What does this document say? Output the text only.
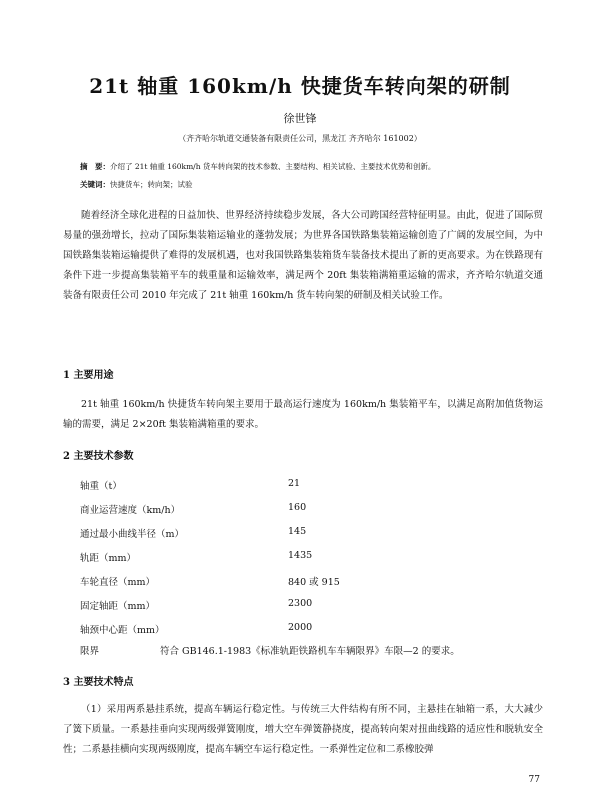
21t 轴重 160km/h 快捷货车转向架的研制
徐世锋
（齐齐哈尔轨道交通装备有限责任公司，黑龙江 齐齐哈尔 161002）
摘　要：介绍了 21t 轴重 160km/h 货车转向架的技术参数、主要结构、相关试验、主要技术优势和创新。
关键词：快捷货车；转向架；试验
随着经济全球化进程的日益加快、世界经济持续稳步发展，各大公司跨国经营特征明显。由此，促进了国际贸易量的强劲增长，拉动了国际集装箱运输业的蓬勃发展；为世界各国铁路集装箱运输创造了广阔的发展空间，为中国铁路集装箱运输提供了难得的发展机遇，也对我国铁路集装箱货车装备技术提出了新的更高要求。为在铁路现有条件下进一步提高集装箱平车的载重量和运输效率，满足两个 20ft 集装箱满箱重运输的需求，齐齐哈尔轨道交通装备有限责任公司 2010 年完成了 21t 轴重 160km/h 货车转向架的研制及相关试验工作。
1 主要用途
21t 轴重 160km/h 快捷货车转向架主要用于最高运行速度为 160km/h 集装箱平车，以满足高附加值货物运输的需要，满足 2×20ft 集装箱满箱重的要求。
2 主要技术参数
轴重（t）	21
商业运营速度（km/h）	160
通过最小曲线半径（m）	145
轨距（mm）	1435
车轮直径（mm）	840 或 915
固定轴距（mm）	2300
轴颈中心距（mm）	2000
限界	符合 GB146.1-1983《标准轨距铁路机车车辆限界》车限—2 的要求。
3 主要技术特点
（1）采用两系悬挂系统，提高车辆运行稳定性。与传统三大件结构有所不同，主悬挂在轴箱一系，大大减少了簧下质量。一系悬挂垂向实现两级弹簧刚度，增大空车弹簧静挠度，提高转向架对扭曲线路的适应性和脱轨安全性；二系悬挂横向实现两级刚度，提高车辆空车运行稳定性。一系弹性定位和二系橡胶弹
77
